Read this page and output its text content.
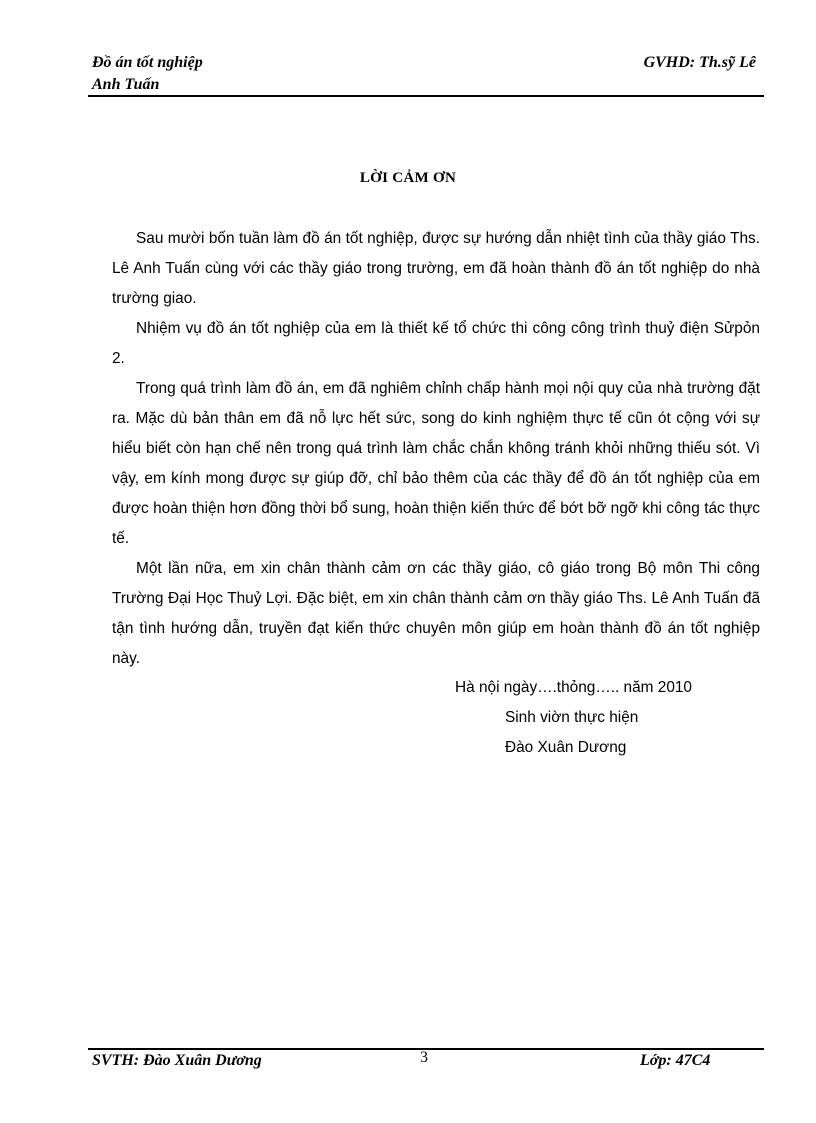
Đồ án tốt nghiệp
Anh Tuấn
GVHD: Th.sỹ Lê
LỜI CẢM ƠN

Sau mười bốn tuần làm đồ án tốt nghiệp, được sự hướng dẫn nhiệt tình của thầy giáo Ths. Lê Anh Tuấn cùng với các thầy giáo trong trường, em đã hoàn thành đồ án tốt nghiệp do nhà trường giao.

Nhiệm vụ đồ án tốt nghiệp của em là thiết kế tổ chức thi công công trình thuỷ điện Sửpỏn 2.

Trong quá trình làm đồ án, em đã nghiêm chỉnh chấp hành mọi nội quy của nhà trường đặt ra. Mặc dù bản thân em đã nỗ lực hết sức, song do kinh nghiệm thực tế cũn ót cộng với sự hiểu biết còn hạn chế nên trong quá trình làm chắc chắn không tránh khỏi những thiếu sót. Vì vậy, em kính mong được sự giúp đỡ, chỉ bảo thêm của các thầy để đồ án tốt nghiệp của em được hoàn thiện hơn đồng thời bổ sung, hoàn thiện kiến thức để bớt bỡ ngỡ khi công tác thực tế.

Một lần nữa, em xin chân thành cảm ơn các thầy giáo, cô giáo trong Bộ môn Thi công Trường Đại Học Thuỷ Lợi. Đặc biệt, em xin chân thành cảm ơn thầy giáo Ths. Lê Anh Tuấn đã tận tình hướng dẫn, truyền đạt kiến thức chuyên môn giúp em hoàn thành đồ án tốt nghiệp này.

Hà nội ngày….thỏng….. năm 2010
Sinh viờn thực hiện
Đào Xuân Dương
SVTH: Đào Xuân Dương	3	Lớp: 47C4
